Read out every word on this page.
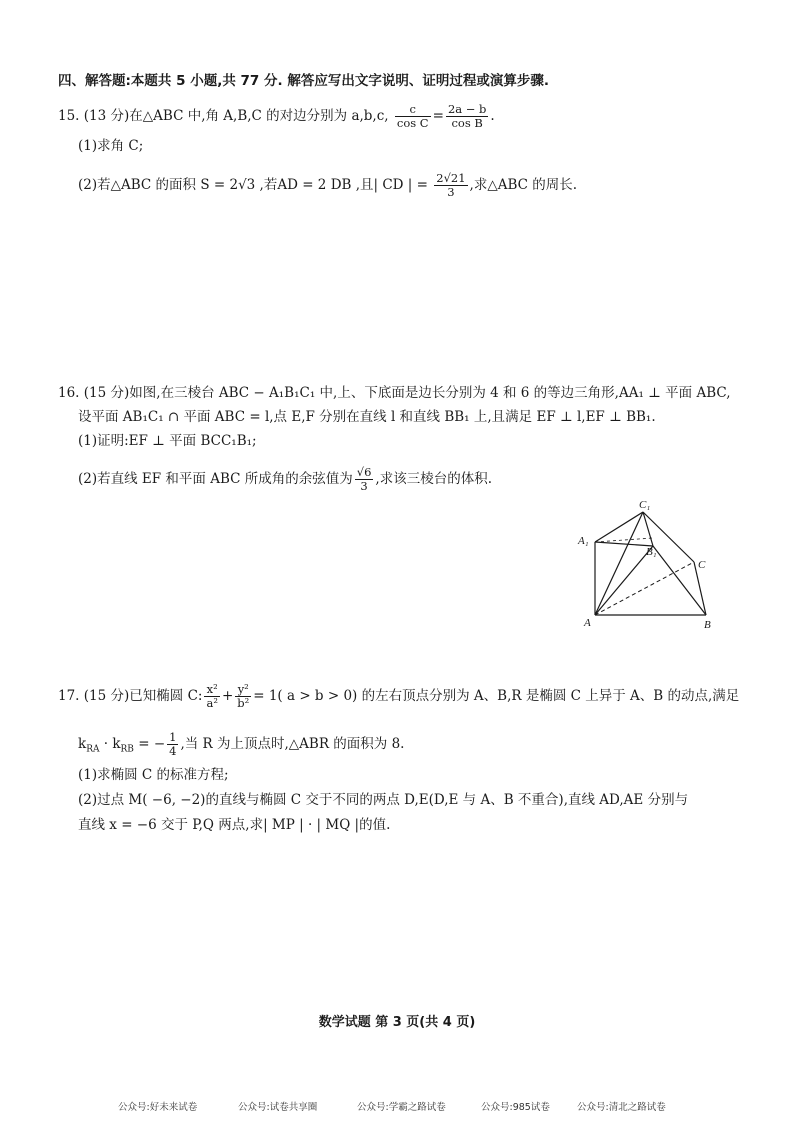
四、解答题:本题共 5 小题,共 77 分. 解答应写出文字说明、证明过程或演算步骤.
15. (13 分)在△ABC 中,角 A,B,C 的对边分别为 a,b,c, $\frac{c}{\text{cos C}} = \frac{2a - b}{\text{cos B}}$ .
(1)求角 C;
(2)若△ABC 的面积 S = 2√3 ,若AD = 2 DB ,且| CD | = $\frac{2√21}{3}$ ,求△ABC 的周长.
16. (15 分)如图,在三棱台 ABC − A₁B₁C₁ 中,上、下底面是边长分别为 4 和 6 的等边三角形,AA₁ ⊥ 平面 ABC,
设平面 AB₁C₁ ∩ 平面 ABC = l,点 E,F 分别在直线 l 和直线 BB₁ 上,且满足 EF ⊥ l,EF ⊥ BB₁.
(1)证明:EF ⊥ 平面 BCC₁B₁;
(2)若直线 EF 和平面 ABC 所成角的余弦值为 $\frac{√6}{3}$ ,求该三棱台的体积.
C₁
A₁
B₁
C
A	B
17. (15 分)已知椭圆 C: $\frac{\text{x²}}{\text{a²}} + \frac{\text{y²}}{\text{b²}} = 1$( a > b > 0) 的左右顶点分别为 A、B,R 是椭圆 C 上异于 A、B 的动点,满足
$k_{RA} \cdot k_{RB}$ = − $\frac{1}{4}$ ,当 R 为上顶点时,△ABR 的面积为 8.
(1)求椭圆 C 的标准方程;
(2)过点 M( −6, −2)的直线与椭圆 C 交于不同的两点 D,E(D,E 与 A、B 不重合),直线 AD,AE 分别与
直线 x = −6 交于 P,Q 两点,求| MP | · | MQ |的值.
数学试题 第 3 页(共 4 页)
公众号:好未来试卷	公众号:试卷共享圈	公众号:学霸之路试卷	公众号:985试卷	公众号:清北之路试卷
